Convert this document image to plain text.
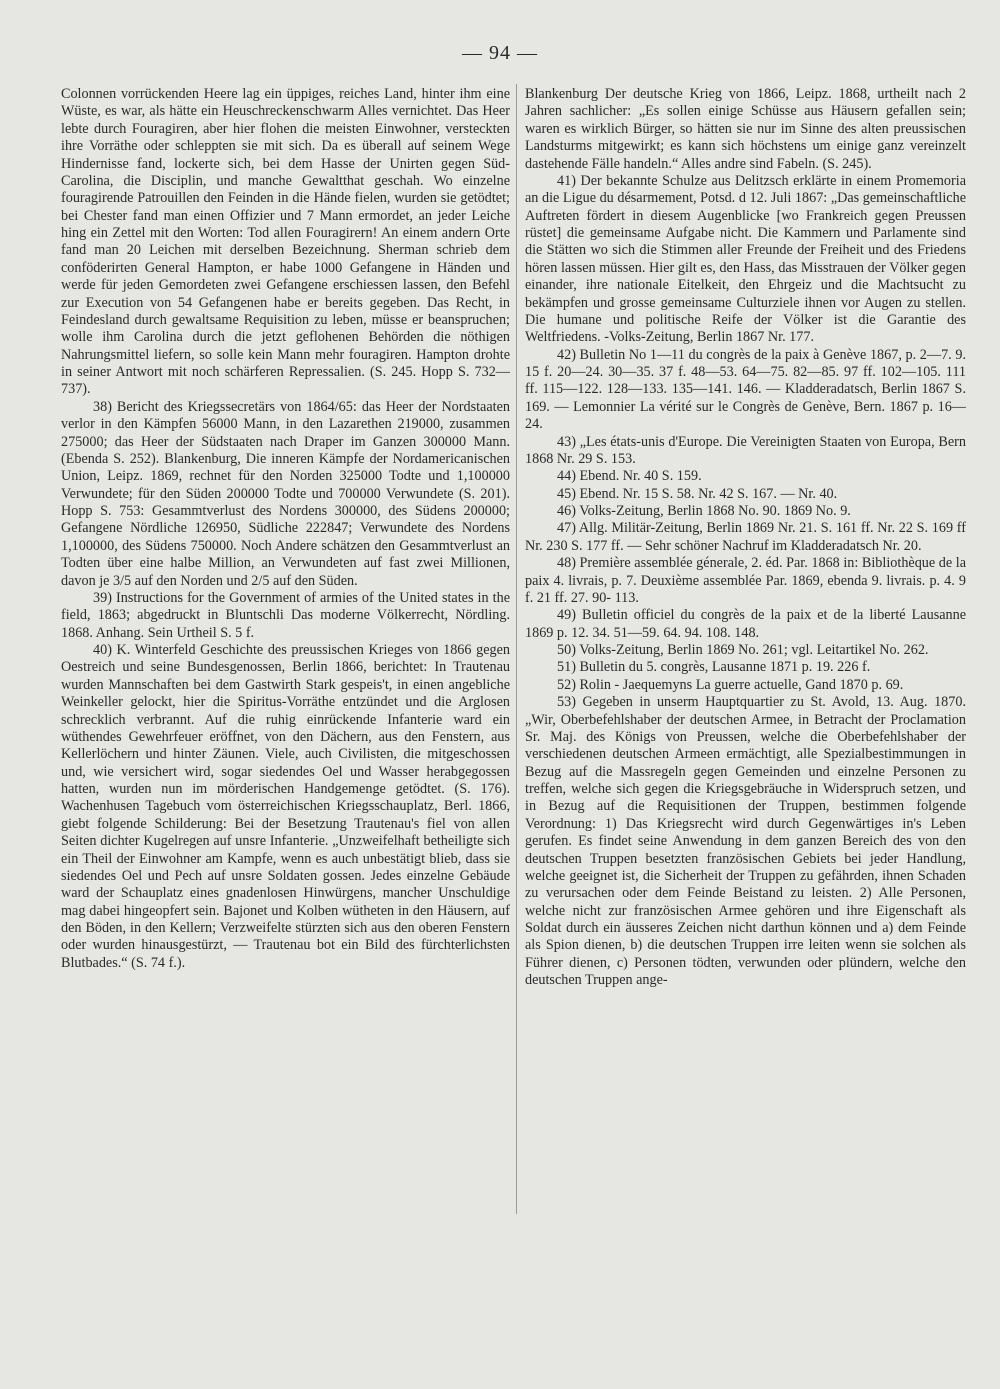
— 94 —

Colonnen vorrückenden Heere lag ein üppiges, reiches Land, hinter ihm eine Wüste, es war, als hätte ein Heuschreckenschwarm Alles vernichtet. Das Heer lebte durch Fouragiren, aber hier flohen die meisten Einwohner, versteckten ihre Vorräthe oder schleppten sie mit sich. Da es überall auf seinem Wege Hindernisse fand, lockerte sich, bei dem Hasse der Unirten gegen Süd-Carolina, die Disciplin, und manche Gewaltthat geschah. Wo einzelne fouragirende Patrouillen den Feinden in die Hände fielen, wurden sie getödtet; bei Chester fand man einen Offizier und 7 Mann ermordet, an jeder Leiche hing ein Zettel mit den Worten: Tod allen Fouragirern! An einem andern Orte fand man 20 Leichen mit derselben Bezeichnung. Sherman schrieb dem conföderirten General Hampton, er habe 1000 Gefangene in Händen und werde für jeden Gemordeten zwei Gefangene erschiessen lassen, den Befehl zur Execution von 54 Gefangenen habe er bereits gegeben. Das Recht, in Feindesland durch gewaltsame Requisition zu leben, müsse er beanspruchen; wolle ihm Carolina durch die jetzt geflohenen Behörden die nöthigen Nahrungsmittel liefern, so solle kein Mann mehr fouragiren. Hampton drohte in seiner Antwort mit noch schärferen Repressalien. (S. 245. Hopp S. 732—737).

38) Bericht des Kriegssecretärs von 1864/65: das Heer der Nordstaaten verlor in den Kämpfen 56000 Mann, in den Lazarethen 219000, zusammen 275000; das Heer der Südstaaten nach Draper im Ganzen 300000 Mann. (Ebenda S. 252). Blankenburg, Die inneren Kämpfe der Nordamericanischen Union, Leipz. 1869, rechnet für den Norden 325000 Todte und 1,100000 Verwundete; für den Süden 200000 Todte und 700000 Verwundete (S. 201). Hopp S. 753: Gesammtverlust des Nordens 300000, des Südens 200000; Gefangene Nördliche 126950, Südliche 222847; Verwundete des Nordens 1,100000, des Südens 750000. Noch Andere schätzen den Gesammtverlust an Todten über eine halbe Million, an Verwundeten auf fast zwei Millionen, davon je 3/5 auf den Norden und 2/5 auf den Süden.

39) Instructions for the Government of armies of the United states in the field, 1863; abgedruckt in Bluntschli Das moderne Völkerrecht, Nördling. 1868. Anhang. Sein Urtheil S. 5 f.

40) K. Winterfeld Geschichte des preussischen Krieges von 1866 gegen Oestreich und seine Bundesgenossen, Berlin 1866, berichtet: In Trautenau wurden Mannschaften bei dem Gastwirth Stark gespeis't, in einen angebliche Weinkeller gelockt, hier die Spiritus-Vorräthe entzündet und die Arglosen schrecklich verbrannt. Auf die ruhig einrückende Infanterie ward ein wüthendes Gewehrfeuer eröffnet, von den Dächern, aus den Fenstern, aus Kellerlöchern und hinter Zäunen. Viele, auch Civilisten, die mitgeschossen und, wie versichert wird, sogar siedendes Oel und Wasser herabgegossen hatten, wurden nun im mörderischen Handgemenge getödtet. (S. 176). Wachenhusen Tagebuch vom österreichischen Kriegsschauplatz, Berl. 1866, giebt folgende Schilderung: Bei der Besetzung Trautenau's fiel von allen Seiten dichter Kugelregen auf unsre Infanterie. „Unzweifelhaft betheiligte sich ein Theil der Einwohner am Kampfe, wenn es auch unbestätigt blieb, dass sie siedendes Oel und Pech auf unsre Soldaten gossen. Jedes einzelne Gebäude ward der Schauplatz eines gnadenlosen Hinwürgens, mancher Unschuldige mag dabei hingeopfert sein. Bajonet und Kolben wütheten in den Häusern, auf den Böden, in den Kellern; Verzweifelte stürzten sich aus den oberen Fenstern oder wurden hinausgestürzt, — Trautenau bot ein Bild des fürchterlichsten Blutbades.“ (S. 74 f.).

Blankenburg Der deutsche Krieg von 1866, Leipz. 1868, urtheilt nach 2 Jahren sachlicher: „Es sollen einige Schüsse aus Häusern gefallen sein; waren es wirklich Bürger, so hätten sie nur im Sinne des alten preussischen Landsturms mitgewirkt; es kann sich höchstens um einige ganz vereinzelt dastehende Fälle handeln.“ Alles andre sind Fabeln. (S. 245).

41) Der bekannte Schulze aus Delitzsch erklärte in einem Promemoria an die Ligue du désarmement, Potsd. d 12. Juli 1867: „Das gemeinschaftliche Auftreten fördert in diesem Augenblicke [wo Frankreich gegen Preussen rüstet] die gemeinsame Aufgabe nicht. Die Kammern und Parlamente sind die Stätten wo sich die Stimmen aller Freunde der Freiheit und des Friedens hören lassen müssen. Hier gilt es, den Hass, das Misstrauen der Völker gegen einander, ihre nationale Eitelkeit, den Ehrgeiz und die Machtsucht zu bekämpfen und grosse gemeinsame Culturziele ihnen vor Augen zu stellen. Die humane und politische Reife der Völker ist die Garantie des Weltfriedens. -Volks-Zeitung, Berlin 1867 Nr. 177.

42) Bulletin No 1—11 du congrès de la paix à Genève 1867, p. 2—7. 9. 15 f. 20—24. 30—35. 37 f. 48—53. 64—75. 82—85. 97 ff. 102—105. 111 ff. 115—122. 128—133. 135—141. 146. — Kladderadatsch, Berlin 1867 S. 169. — Lemonnier La vérité sur le Congrès de Genève, Bern. 1867 p. 16—24.

43) „Les états-unis d'Europe. Die Vereinigten Staaten von Europa, Bern 1868 Nr. 29 S. 153.

44) Ebend. Nr. 40 S. 159.

45) Ebend. Nr. 15 S. 58. Nr. 42 S. 167. — Nr. 40.

46) Volks-Zeitung, Berlin 1868 No. 90. 1869 No. 9.

47) Allg. Militär-Zeitung, Berlin 1869 Nr. 21. S. 161 ff. Nr. 22 S. 169 ff Nr. 230 S. 177 ff. — Sehr schöner Nachruf im Kladderadatsch Nr. 20.

48) Première assemblée génerale, 2. éd. Par. 1868 in: Bibliothèque de la paix 4. livrais, p. 7. Deuxième assemblée Par. 1869, ebenda 9. livrais. p. 4. 9 f. 21 ff. 27. 90- 113.

49) Bulletin officiel du congrès de la paix et de la liberté Lausanne 1869 p. 12. 34. 51—59. 64. 94. 108. 148.

50) Volks-Zeitung, Berlin 1869 No. 261; vgl. Leitartikel No. 262.

51) Bulletin du 5. congrès, Lausanne 1871 p. 19. 226 f.

52) Rolin - Jaequemyns La guerre actuelle, Gand 1870 p. 69.

53) Gegeben in unserm Hauptquartier zu St. Avold, 13. Aug. 1870. „Wir, Oberbefehlshaber der deutschen Armee, in Betracht der Proclamation Sr. Maj. des Königs von Preussen, welche die Oberbefehlshaber der verschiedenen deutschen Armeen ermächtigt, alle Spezialbestimmungen in Bezug auf die Massregeln gegen Gemeinden und einzelne Personen zu treffen, welche sich gegen die Kriegsgebräuche in Widerspruch setzen, und in Bezug auf die Requisitionen der Truppen, bestimmen folgende Verordnung: 1) Das Kriegsrecht wird durch Gegenwärtiges in's Leben gerufen. Es findet seine Anwendung in dem ganzen Bereich des von den deutschen Truppen besetzten französischen Gebiets bei jeder Handlung, welche geeignet ist, die Sicherheit der Truppen zu gefährden, ihnen Schaden zu verursachen oder dem Feinde Beistand zu leisten. 2) Alle Personen, welche nicht zur französischen Armee gehören und ihre Eigenschaft als Soldat durch ein äusseres Zeichen nicht darthun können und a) dem Feinde als Spion dienen, b) die deutschen Truppen irre leiten wenn sie solchen als Führer dienen, c) Personen tödten, verwunden oder plündern, welche den deutschen Truppen ange-
